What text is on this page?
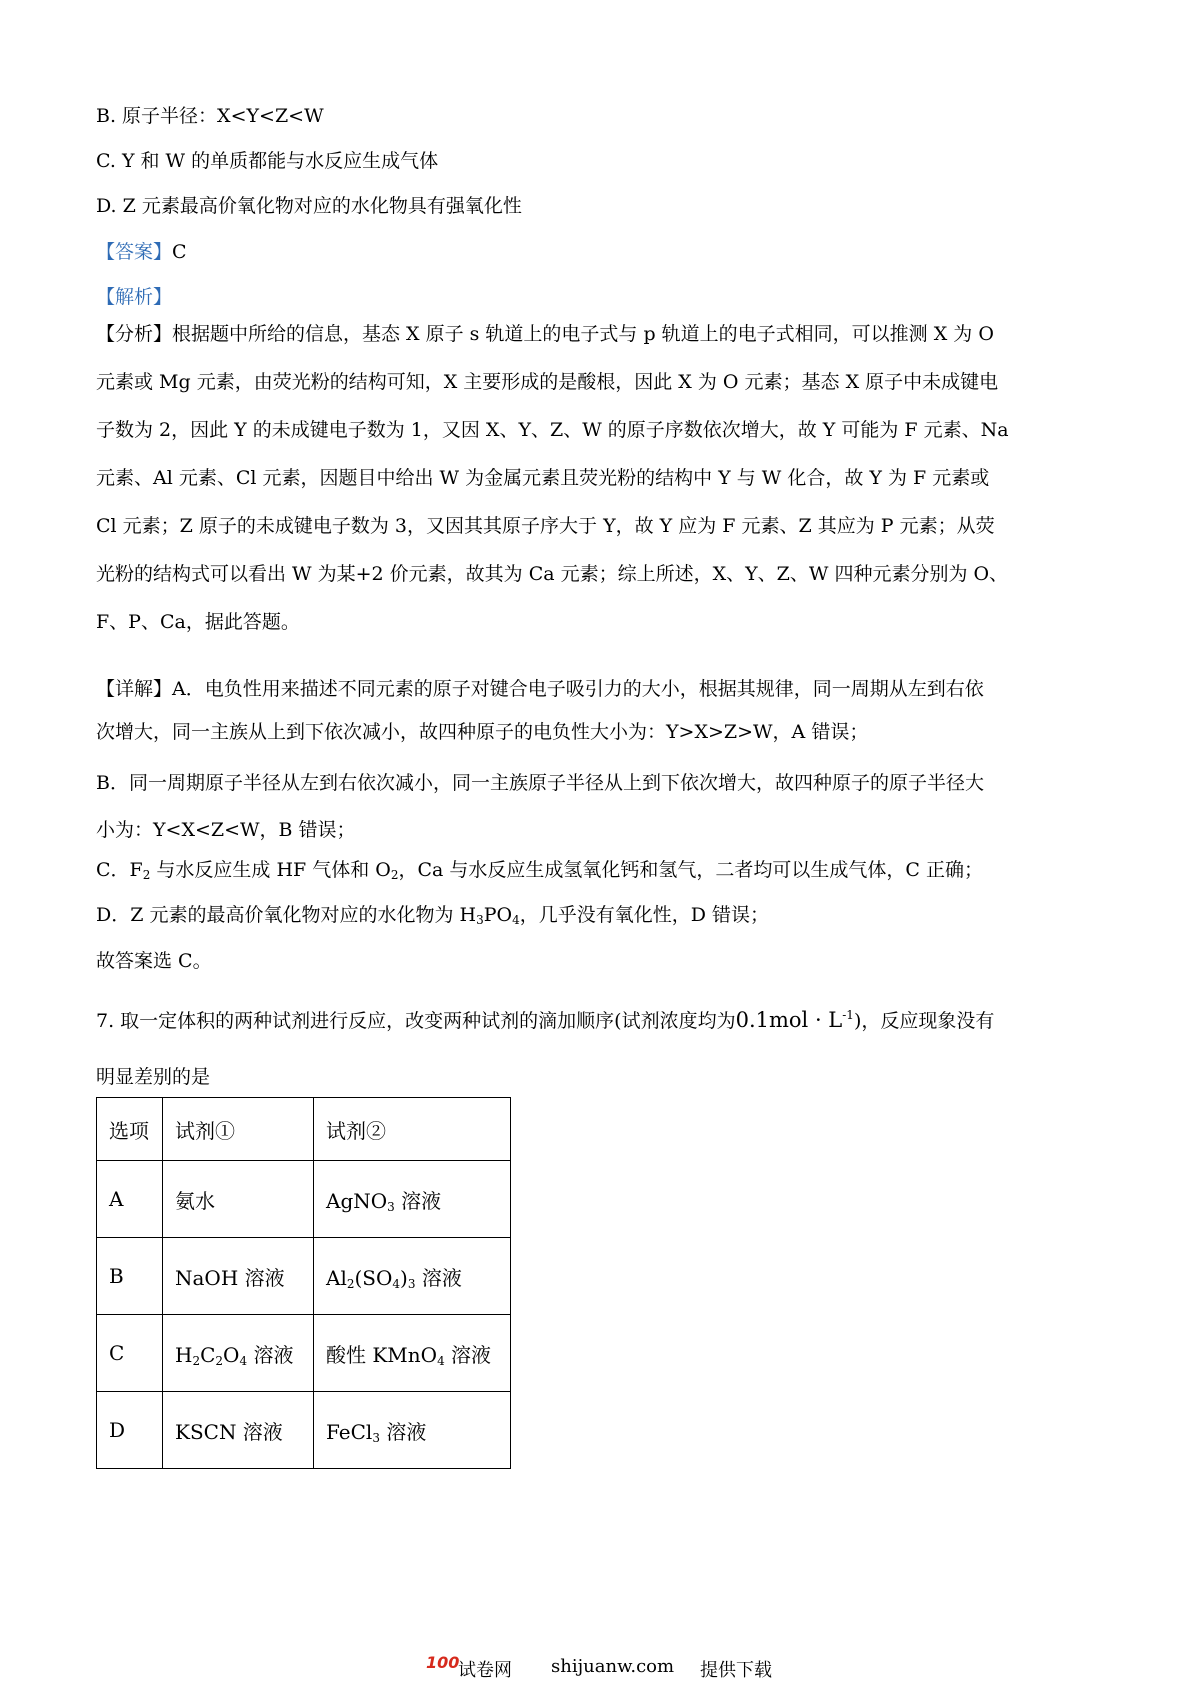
B. 原子半径：X<Y<Z<W
C. Y 和 W 的单质都能与水反应生成气体
D. Z 元素最高价氧化物对应的水化物具有强氧化性
【答案】C
【解析】
【分析】根据题中所给的信息，基态 X 原子 s 轨道上的电子式与 p 轨道上的电子式相同，可以推测 X 为 O
元素或 Mg 元素，由荧光粉的结构可知，X 主要形成的是酸根，因此 X 为 O 元素；基态 X 原子中未成键电
子数为 2，因此 Y 的未成键电子数为 1，又因 X、Y、Z、W 的原子序数依次增大，故 Y 可能为 F 元素、Na
元素、Al 元素、Cl 元素，因题目中给出 W 为金属元素且荧光粉的结构中 Y 与 W 化合，故 Y 为 F 元素或
Cl 元素；Z 原子的未成键电子数为 3，又因其其原子序大于 Y，故 Y 应为 F 元素、Z 其应为 P 元素；从荧
光粉的结构式可以看出 W 为某+2 价元素，故其为 Ca 元素；综上所述，X、Y、Z、W 四种元素分别为 O、
F、P、Ca，据此答题。
【详解】A．电负性用来描述不同元素的原子对键合电子吸引力的大小，根据其规律，同一周期从左到右依
次增大，同一主族从上到下依次减小，故四种原子的电负性大小为：Y>X>Z>W，A 错误；
B．同一周期原子半径从左到右依次减小，同一主族原子半径从上到下依次增大，故四种原子的原子半径大
小为：Y<X<Z<W，B 错误；
C．$F_2$ 与水反应生成 HF 气体和 $O_2$，Ca 与水反应生成氢氧化钙和氢气，二者均可以生成气体，C 正确；
D．Z 元素的最高价氧化物对应的水化物为 $H_3PO_4$，几乎没有氧化性，D 错误；
故答案选 C。
7. 取一定体积的两种试剂进行反应，改变两种试剂的滴加顺序(试剂浓度均为$0.1mol \cdot L^{-1}$)，反应现象没有
明显差别的是
选项	试剂①	试剂②
A	氨水	AgNO$_3$ 溶液
B	NaOH 溶液	$Al_2(SO_4)_3$ 溶液
C	$H_2C_2O_4$ 溶液	酸性 KMnO$_4$ 溶液
D	KSCN 溶液	FeCl$_3$ 溶液
100
试卷网 shijuanw.com 提供下载
